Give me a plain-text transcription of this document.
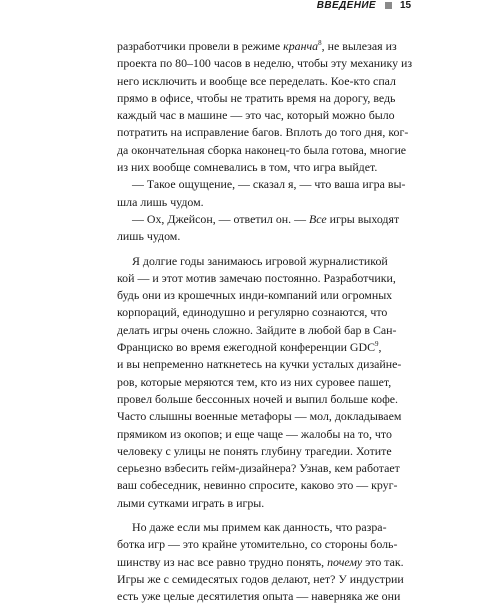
ВВЕДЕНИЕ 15

разработчики провели в режиме кранча$^8$, не вылезая из
проекта по 80–100 часов в неделю, чтобы эту механику из
него исключить и вообще все переделать. Кое-кто спал
прямо в офисе, чтобы не тратить время на дорогу, ведь
каждый час в машине — это час, который можно было
потратить на исправление багов. Вплоть до того дня, ког-
да окончательная сборка наконец-то была готова, многие
из них вообще сомневались в том, что игра выйдет.

— Такое ощущение, — сказал я, — что ваша игра вы-
шла лишь чудом.

— Ох, Джейсон, — ответил он. — Все игры выходят
лишь чудом.

Я долгие годы занимаюсь игровой журналистикой
кой — и этот мотив замечаю постоянно. Разработчики,
будь они из крошечных инди-компаний или огромных
корпораций, единодушно и регулярно сознаются, что
делать игры очень сложно. Зайдите в любой бар в Сан-
Франциско во время ежегодной конференции GDC$^9$,
и вы непременно наткнетесь на кучки усталых дизайне-
ров, которые меряются тем, кто из них суровее пашет,
провел больше бессонных ночей и выпил больше кофе.
Часто слышны военные метафоры — мол, докладываем
прямиком из окопов; и еще чаще — жалобы на то, что
человеку с улицы не понять глубину трагедии. Хотите
серьезно взбесить гейм-дизайнера? Узнав, кем работает
ваш собеседник, невинно спросите, каково это — круг-
лыми сутками играть в игры.

Но даже если мы примем как данность, что разра-
ботка игр — это крайне утомительно, со стороны боль-
шинству из нас все равно трудно понять, почему это так.
Игры же с семидесятых годов делают, нет? У индустрии
есть уже целые десятилетия опыта — наверняка же они
